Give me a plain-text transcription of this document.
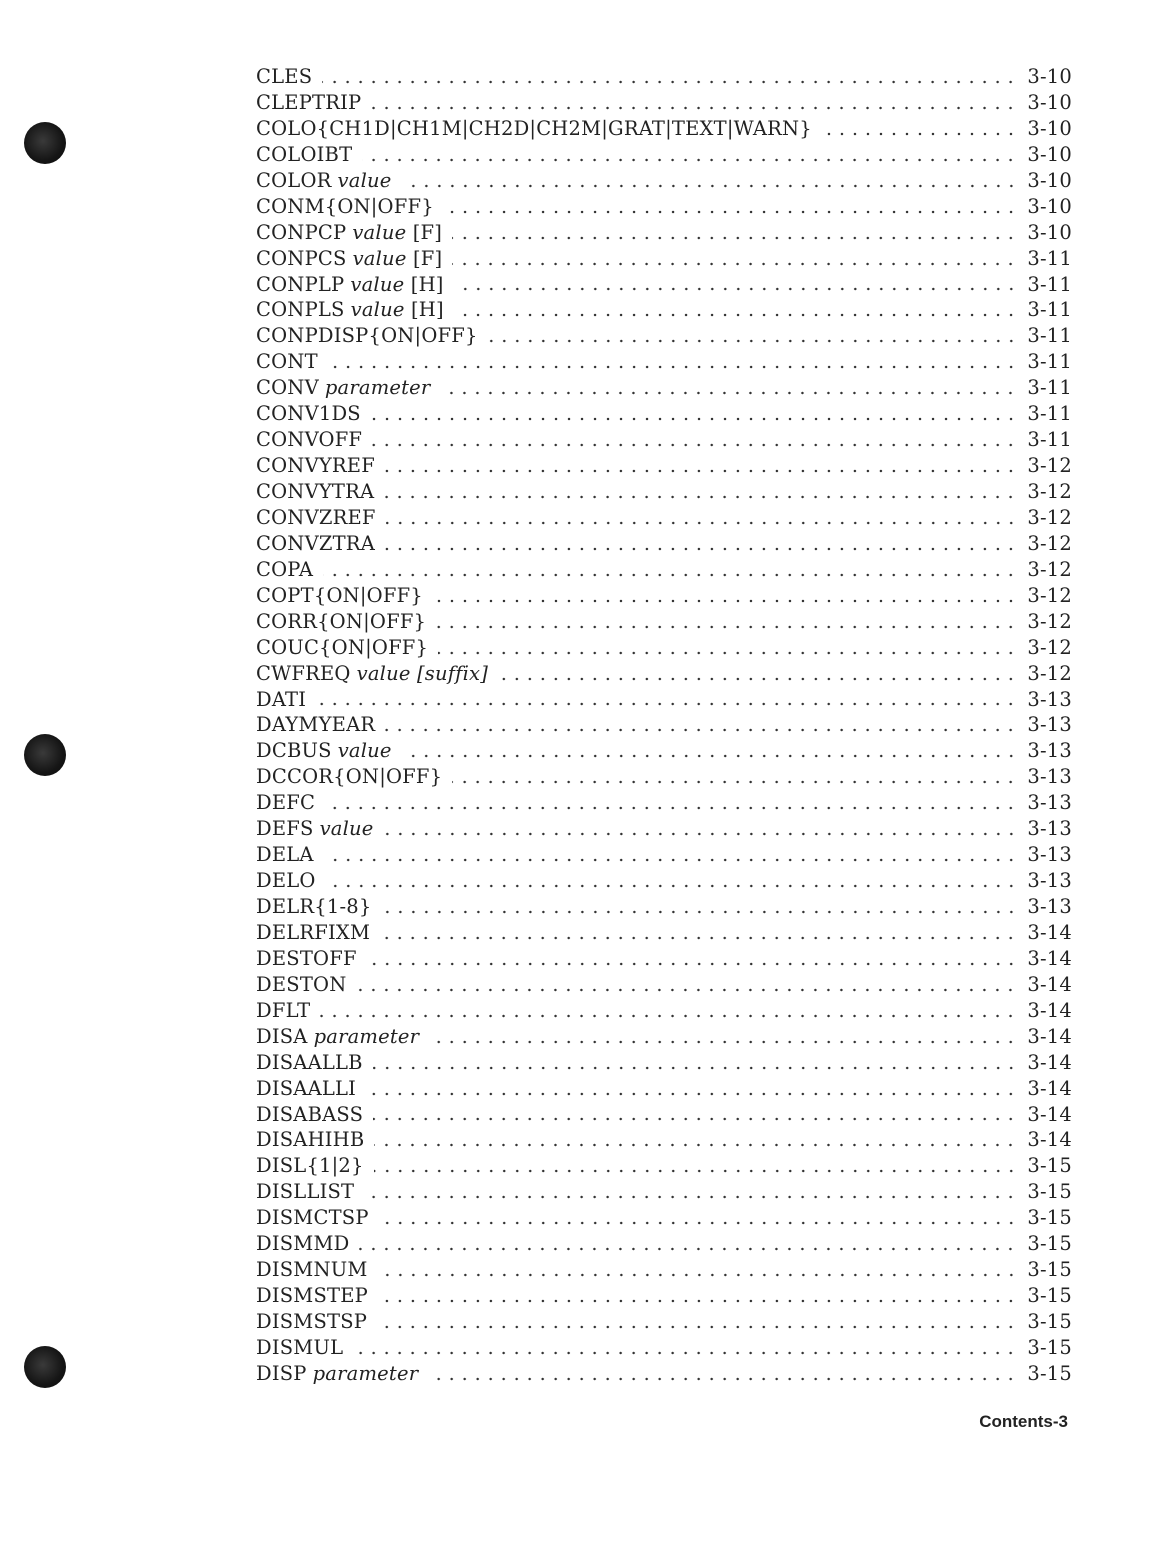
CLES	3-10
CLEPTRIP	3-10
COLO{CH1D|CH1M|CH2D|CH2M|GRAT|TEXT|WARN}	3-10
COLOIBT	3-10
COLOR value	3-10
CONM{ON|OFF}	3-10
CONPCP value [F]	3-10
CONPCS value [F]	3-11
CONPLP value [H]	3-11
CONPLS value [H]	3-11
CONPDISP{ON|OFF}	3-11
CONT	3-11
CONV parameter	3-11
CONV1DS	3-11
CONVOFF	3-11
CONVYREF	3-12
CONVYTRA	3-12
CONVZREF	3-12
CONVZTRA	3-12
COPA	3-12
COPT{ON|OFF}	3-12
CORR{ON|OFF}	3-12
COUC{ON|OFF}	3-12
CWFREQ value [suffix]	3-12
DATI	3-13
DAYMYEAR	3-13
DCBUS value	3-13
DCCOR{ON|OFF}	3-13
DEFC	3-13
DEFS value	3-13
DELA	3-13
DELO	3-13
DELR{1-8}	3-13
DELRFIXM	3-14
DESTOFF	3-14
DESTON	3-14
DFLT	3-14
DISA parameter	3-14
DISAALLB	3-14
DISAALLI	3-14
DISABASS	3-14
DISAHIHB	3-14
DISL{1|2}	3-15
DISLLIST	3-15
DISMCTSP	3-15
DISMMD	3-15
DISMNUM	3-15
DISMSTEP	3-15
DISMSTSP	3-15
DISMUL	3-15
DISP parameter	3-15
Contents-3
